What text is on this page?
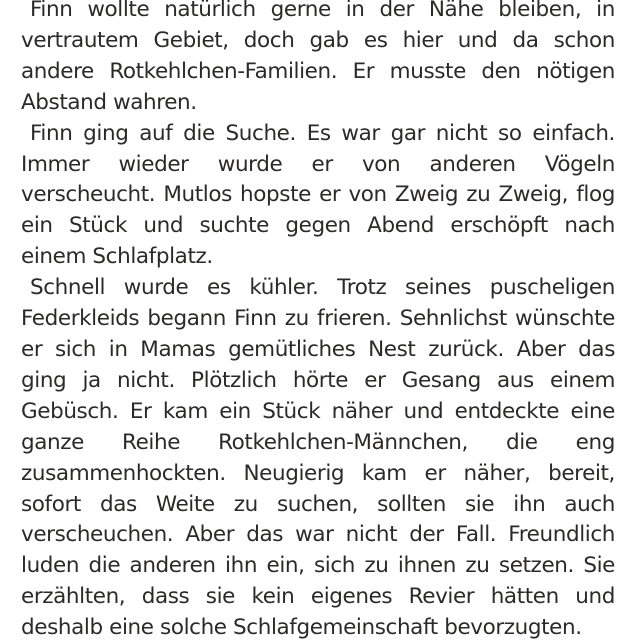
Finn wollte natürlich gerne in der Nähe bleiben, in vertrautem Gebiet, doch gab es hier und da schon andere Rotkehlchen-Familien. Er musste den nötigen Abstand wahren.

Finn ging auf die Suche. Es war gar nicht so einfach. Immer wieder wurde er von anderen Vögeln verscheucht. Mutlos hopste er von Zweig zu Zweig, flog ein Stück und suchte gegen Abend erschöpft nach einem Schlafplatz.

Schnell wurde es kühler. Trotz seines puscheligen Federkleids begann Finn zu frieren. Sehnlichst wünschte er sich in Mamas gemütliches Nest zurück. Aber das ging ja nicht. Plötzlich hörte er Gesang aus einem Gebüsch. Er kam ein Stück näher und entdeckte eine ganze Reihe Rotkehlchen-Männchen, die eng zusammenhockten. Neugierig kam er näher, bereit, sofort das Weite zu suchen, sollten sie ihn auch verscheuchen. Aber das war nicht der Fall. Freundlich luden die anderen ihn ein, sich zu ihnen zu setzen. Sie erzählten, dass sie kein eigenes Revier hätten und deshalb eine solche Schlafgemeinschaft bevorzugten.
